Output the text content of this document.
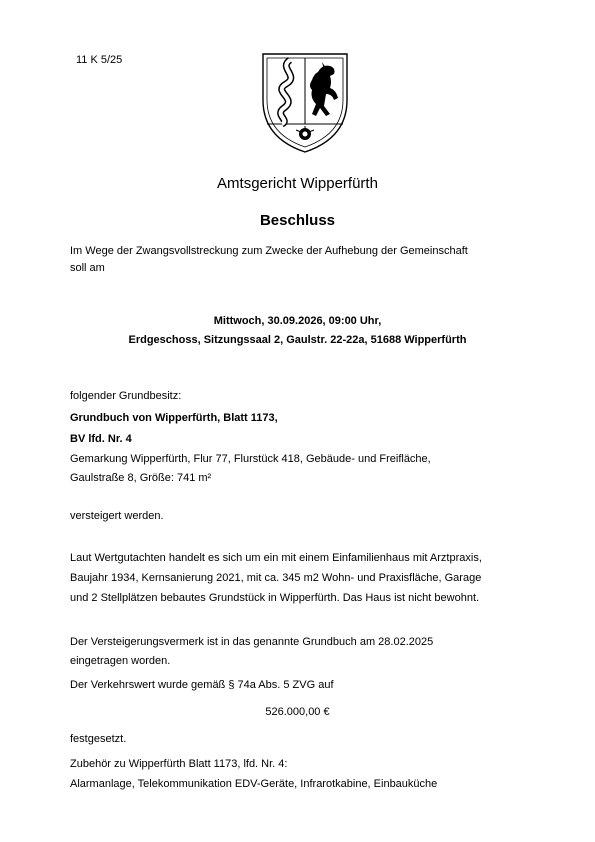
11 K 5/25
Amtsgericht Wipperfürth
Beschluss
Im Wege der Zwangsvollstreckung zum Zwecke der Aufhebung der Gemeinschaft
soll am
Mittwoch, 30.09.2026, 09:00 Uhr,
Erdgeschoss, Sitzungssaal 2, Gaulstr. 22-22a, 51688 Wipperfürth
folgender Grundbesitz:
Grundbuch von Wipperfürth, Blatt 1173,
BV lfd. Nr. 4
Gemarkung Wipperfürth, Flur 77, Flurstück 418, Gebäude- und Freifläche,
Gaulstraße 8, Größe: 741 m²
versteigert werden.
Laut Wertgutachten handelt es sich um ein mit einem Einfamilienhaus mit Arztpraxis,
Baujahr 1934, Kernsanierung 2021, mit ca. 345 m2 Wohn- und Praxisfläche, Garage
und 2 Stellplätzen bebautes Grundstück in Wipperfürth. Das Haus ist nicht bewohnt.
Der Versteigerungsvermerk ist in das genannte Grundbuch am 28.02.2025
eingetragen worden.
Der Verkehrswert wurde gemäß § 74a Abs. 5 ZVG auf
526.000,00 €
festgesetzt.
Zubehör zu Wipperfürth Blatt 1173, lfd. Nr. 4:
Alarmanlage, Telekommunikation EDV-Geräte, Infrarotkabine, Einbauküche
